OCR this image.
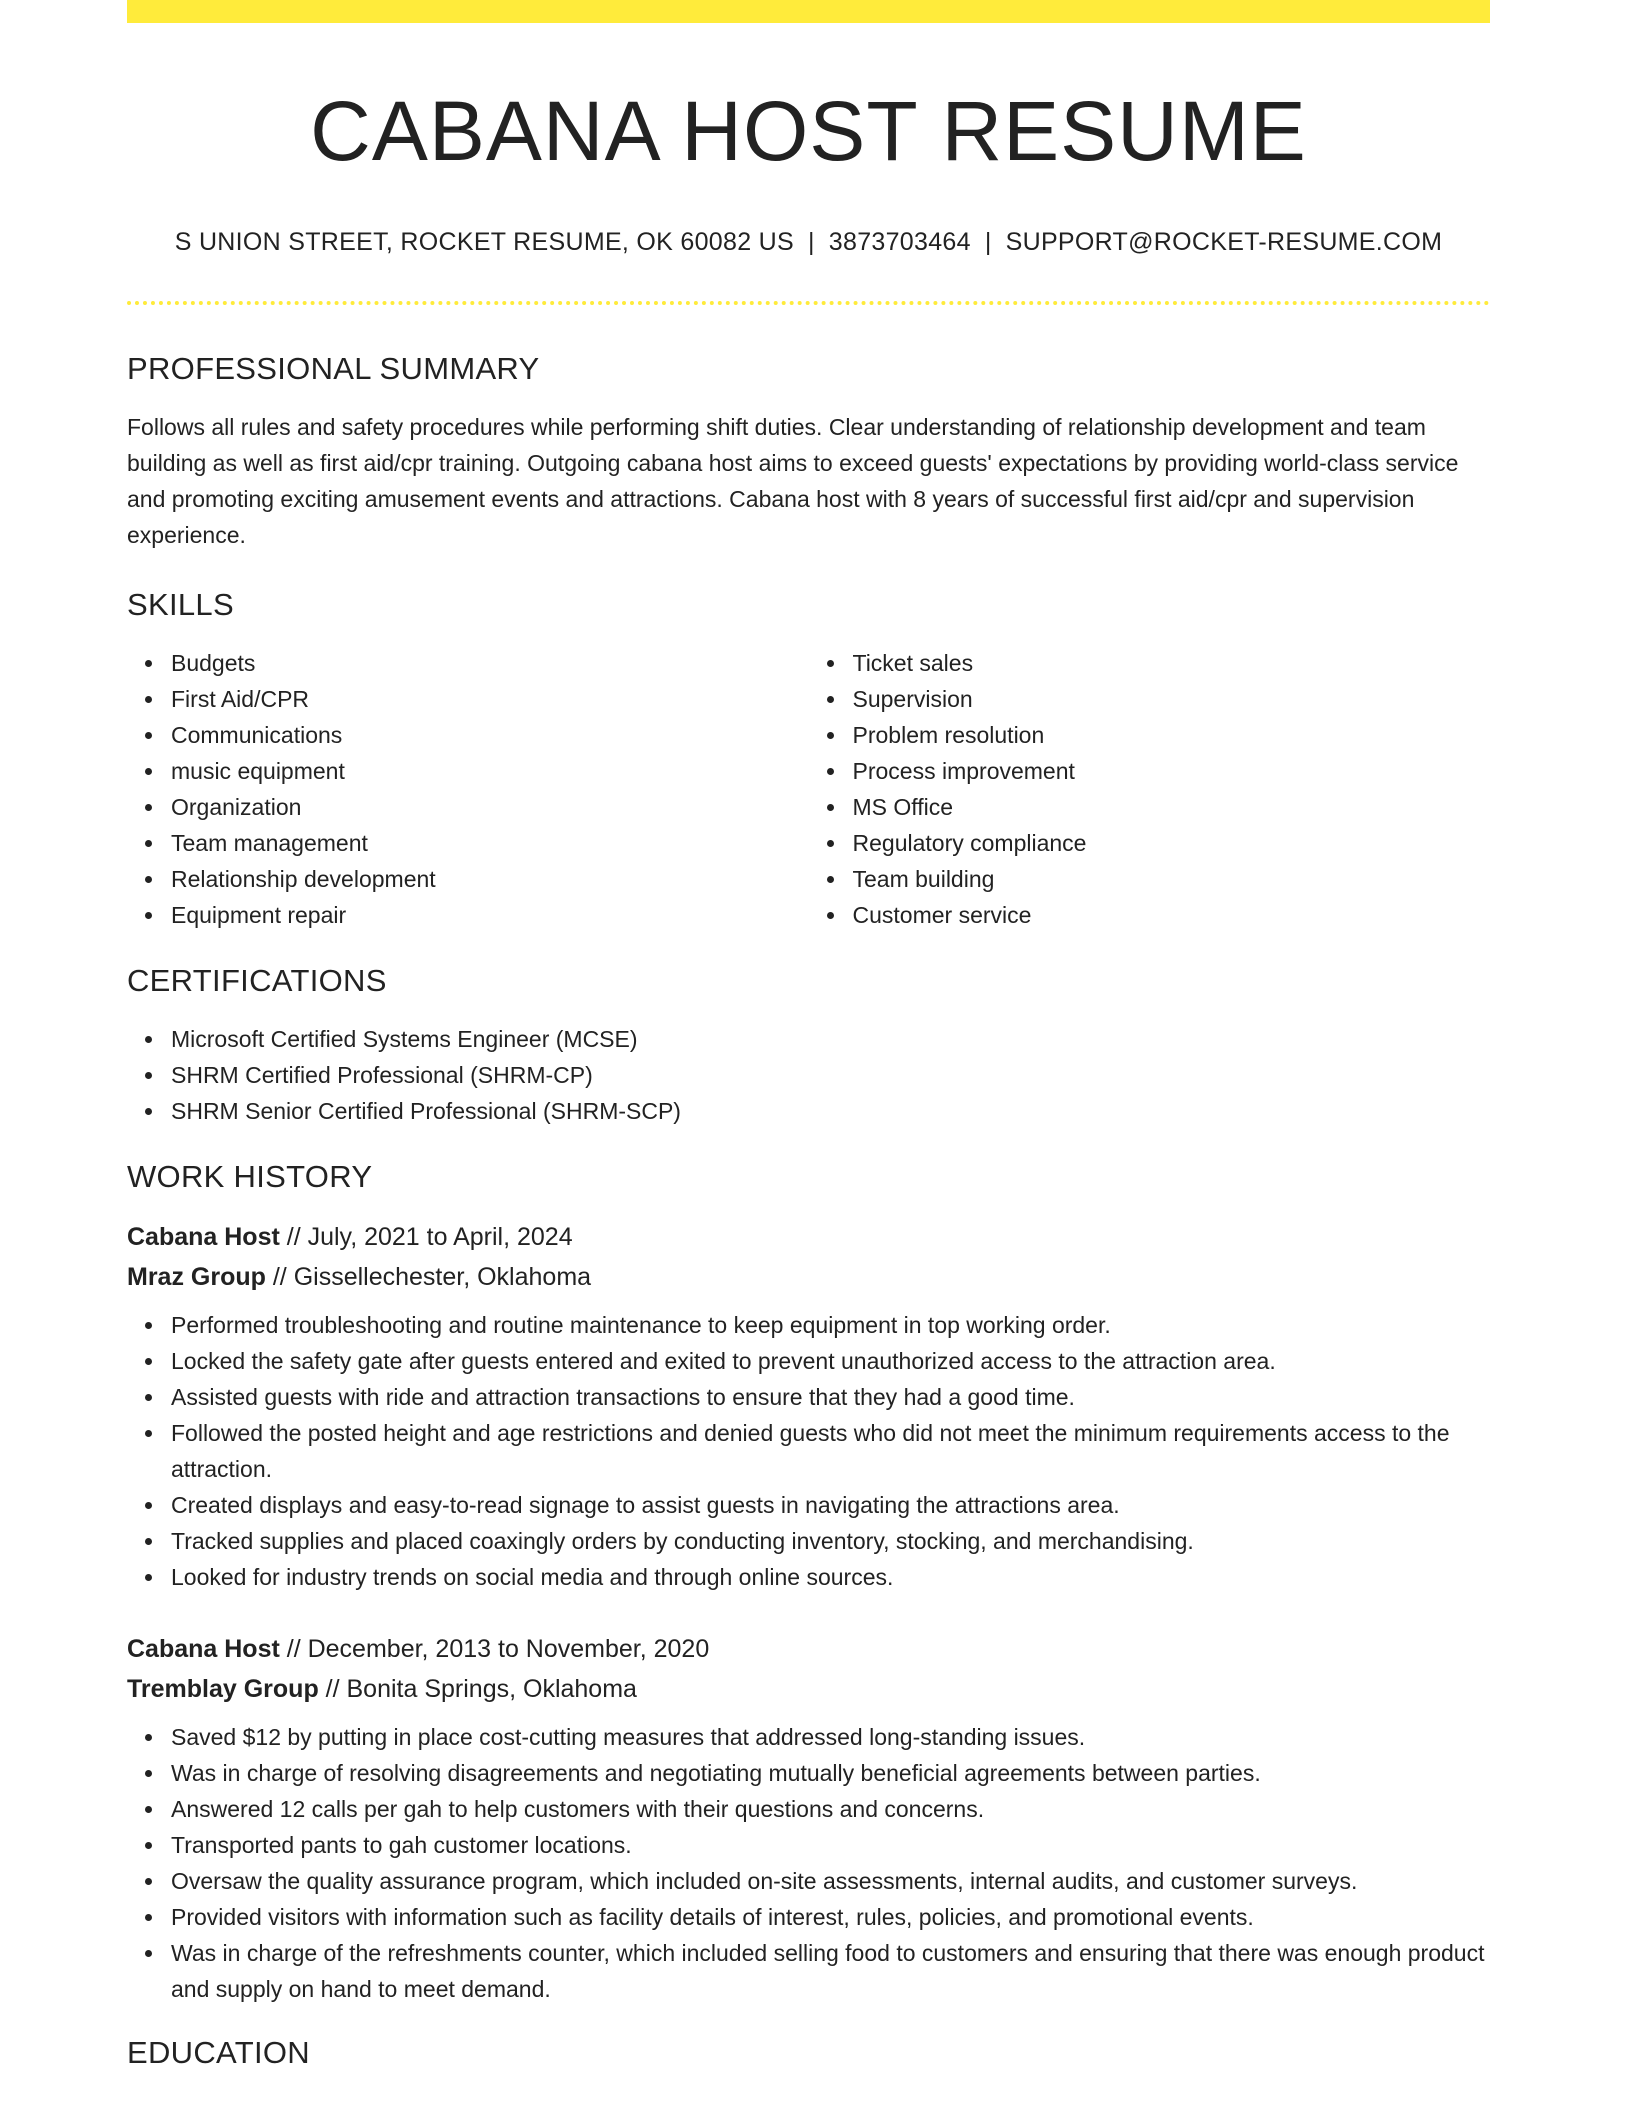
CABANA HOST RESUME
S UNION STREET, ROCKET RESUME, OK 60082 US | 3873703464 | SUPPORT@ROCKET-RESUME.COM
PROFESSIONAL SUMMARY

Follows all rules and safety procedures while performing shift duties. Clear understanding of relationship development and team building as well as first aid/cpr training. Outgoing cabana host aims to exceed guests' expectations by providing world-class service and promoting exciting amusement events and attractions. Cabana host with 8 years of successful first aid/cpr and supervision experience.

SKILLS
Budgets
First Aid/CPR
Communications
music equipment
Organization
Team management
Relationship development
Equipment repair
Ticket sales
Supervision
Problem resolution
Process improvement
MS Office
Regulatory compliance
Team building
Customer service
CERTIFICATIONS
Microsoft Certified Systems Engineer (MCSE)
SHRM Certified Professional (SHRM-CP)
SHRM Senior Certified Professional (SHRM-SCP)
WORK HISTORY
Cabana Host // July, 2021 to April, 2024
Mraz Group // Gissellechester, Oklahoma
Performed troubleshooting and routine maintenance to keep equipment in top working order.
Locked the safety gate after guests entered and exited to prevent unauthorized access to the attraction area.
Assisted guests with ride and attraction transactions to ensure that they had a good time.
Followed the posted height and age restrictions and denied guests who did not meet the minimum requirements access to the attraction.
Created displays and easy-to-read signage to assist guests in navigating the attractions area.
Tracked supplies and placed coaxingly orders by conducting inventory, stocking, and merchandising.
Looked for industry trends on social media and through online sources.
Cabana Host // December, 2013 to November, 2020
Tremblay Group // Bonita Springs, Oklahoma
Saved $12 by putting in place cost-cutting measures that addressed long-standing issues.
Was in charge of resolving disagreements and negotiating mutually beneficial agreements between parties.
Answered 12 calls per gah to help customers with their questions and concerns.
Transported pants to gah customer locations.
Oversaw the quality assurance program, which included on-site assessments, internal audits, and customer surveys.
Provided visitors with information such as facility details of interest, rules, policies, and promotional events.
Was in charge of the refreshments counter, which included selling food to customers and ensuring that there was enough product and supply on hand to meet demand.
EDUCATION
